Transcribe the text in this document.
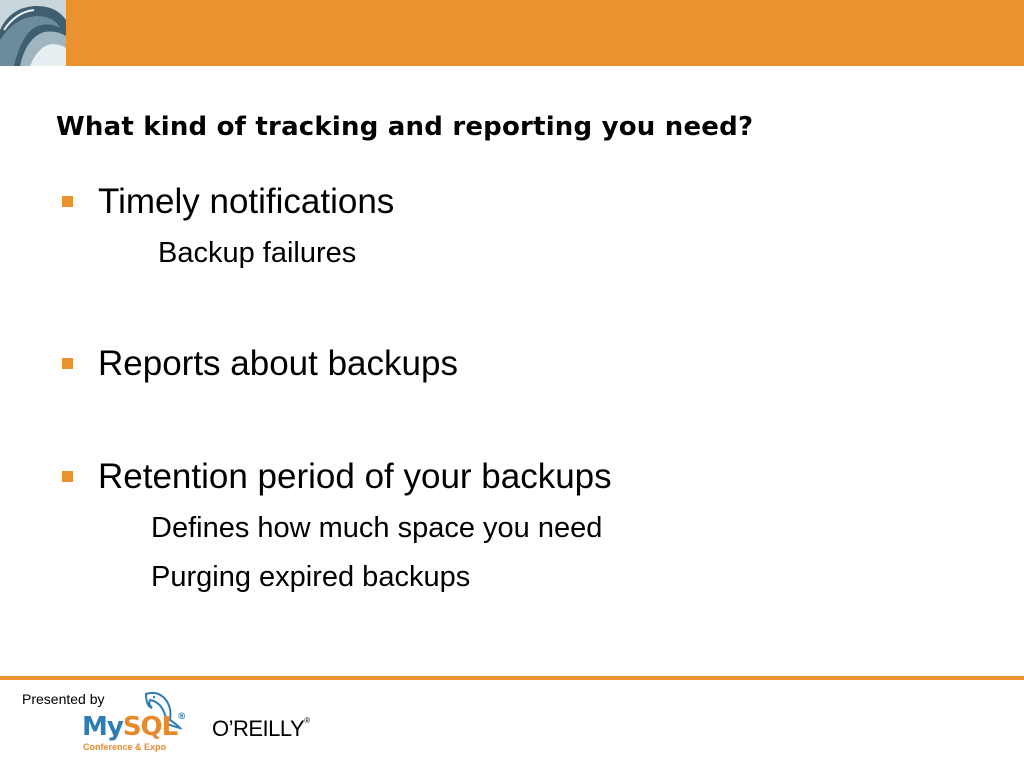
What kind of tracking and reporting you need?
Timely notifications
Backup failures
Reports about backups
Retention period of your backups
Defines how much space you need
Purging expired backups
Presented by
MySQL®
Conference & Expo
O’REILLY®
